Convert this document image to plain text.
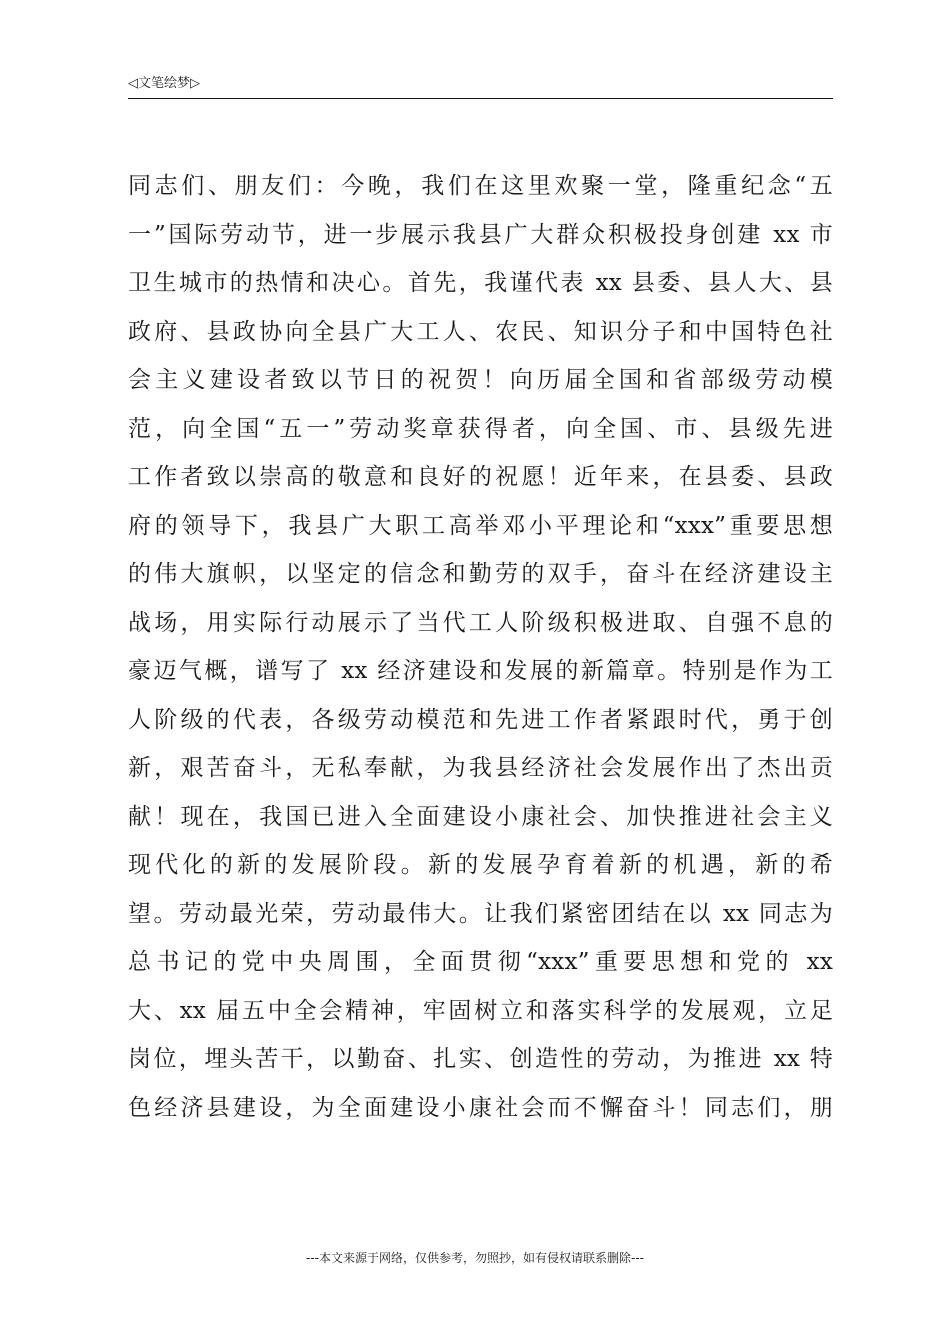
◁文笔绘梦▷
同志们、朋友们：今晚，我们在这里欢聚一堂，隆重纪念“五
一”国际劳动节，进一步展示我县广大群众积极投身创建 xx 市
卫生城市的热情和决心。首先，我谨代表 xx 县委、县人大、县
政府、县政协向全县广大工人、农民、知识分子和中国特色社
会主义建设者致以节日的祝贺！向历届全国和省部级劳动模
范，向全国“五一”劳动奖章获得者，向全国、市、县级先进
工作者致以崇高的敬意和良好的祝愿！近年来，在县委、县政
府的领导下，我县广大职工高举邓小平理论和“xxx”重要思想
的伟大旗帜，以坚定的信念和勤劳的双手，奋斗在经济建设主
战场，用实际行动展示了当代工人阶级积极进取、自强不息的
豪迈气概，谱写了 xx 经济建设和发展的新篇章。特别是作为工
人阶级的代表，各级劳动模范和先进工作者紧跟时代，勇于创
新，艰苦奋斗，无私奉献，为我县经济社会发展作出了杰出贡
献！现在，我国已进入全面建设小康社会、加快推进社会主义
现代化的新的发展阶段。新的发展孕育着新的机遇，新的希
望。劳动最光荣，劳动最伟大。让我们紧密团结在以 xx 同志为
总书记的党中央周围，全面贯彻“xxx”重要思想和党的 xx
大、xx 届五中全会精神，牢固树立和落实科学的发展观，立足
岗位，埋头苦干，以勤奋、扎实、创造性的劳动，为推进 xx 特
色经济县建设，为全面建设小康社会而不懈奋斗！同志们，朋
---本文来源于网络，仅供参考，勿照抄，如有侵权请联系删除---
